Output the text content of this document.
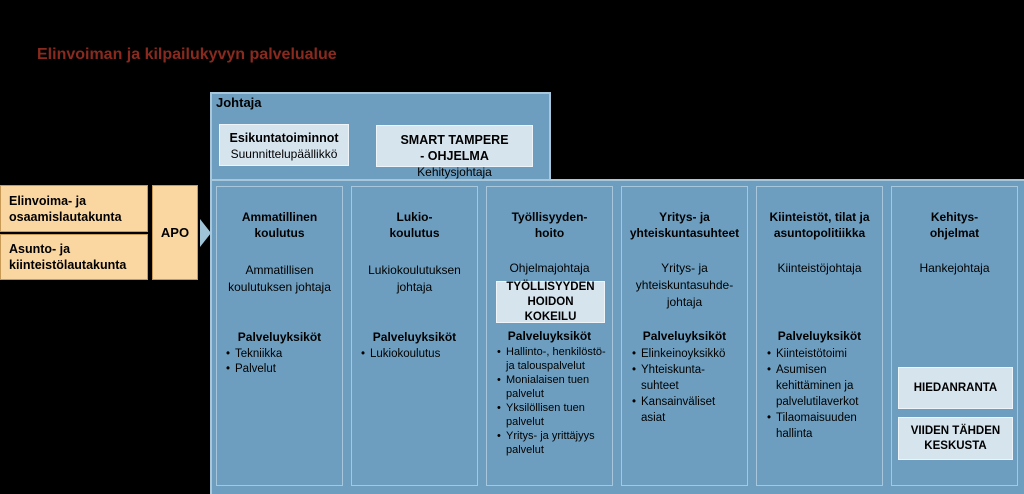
Elinvoiman ja kilpailukyvyn palvelualue
Elinvoima- ja osaamislautakunta
Asunto- ja kiinteistölautakunta
APO
Johtaja
Esikuntatoiminnot
Suunnittelupäällikkö
SMART TAMPERE - OHJELMA
Kehitysjohtaja
Ammatillinen koulutus
Ammatillisen koulutuksen johtaja
Palveluyksiköt
• Tekniikka
• Palvelut
Lukio-koulutus
Lukiokoulutuksen johtaja
Palveluyksiköt
• Lukiokoulutus
Työllisyyden-hoito
Ohjelmajohtaja
TYÖLLISYYDEN HOIDON KOKEILU
Palveluyksiköt
• Hallinto-, henkilöstö- ja talouspalvelut
• Monialaisen tuen palvelut
• Yksilöllisen tuen palvelut
• Yritys- ja yrittäjyys palvelut
Yritys- ja yhteiskuntasuhteet
Yritys- ja yhteiskuntasuhde-johtaja
Palveluyksiköt
• Elinkeinoyksikkö
• Yhteiskunta-suhteet
• Kansainväliset asiat
Kiinteistöt, tilat ja asuntopolitiikka
Kiinteistöjohtaja
Palveluyksiköt
• Kiinteistötoimi
• Asumisen kehittäminen ja palvelutilaverkot
• Tilaomaisuuden hallinta
Kehitys-ohjelmat
Hankejohtaja
HIEDANRANTA
VIIDEN TÄHDEN KESKUSTA
